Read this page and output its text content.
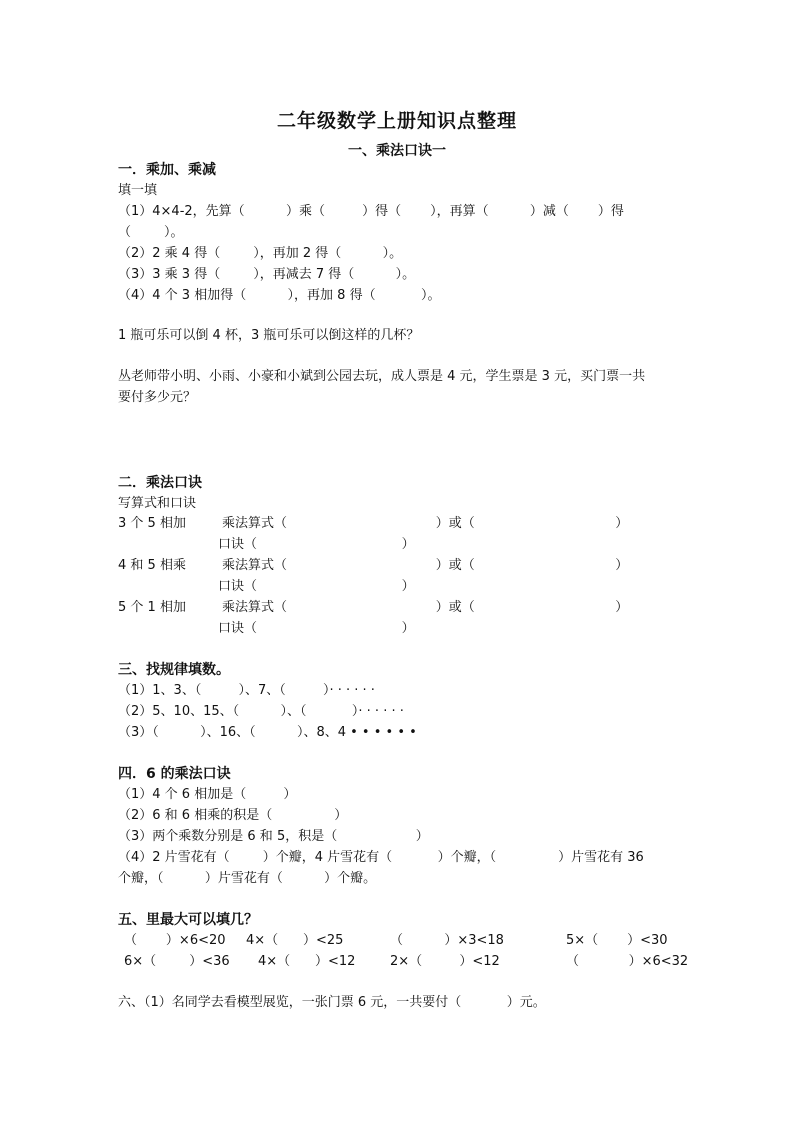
二年级数学上册知识点整理
一、乘法口诀一
一．乘加、乘减
填一填
（1）4×4-2，先算（          ）乘（         ）得（       ），再算（          ）减（       ）得
（        ）。
（2）2 乘 4 得（        ），再加 2 得（          ）。
（3）3 乘 3 得（        ），再减去 7 得（          ）。
（4）4 个 3 相加得（          ），再加 8 得（           ）。
1 瓶可乐可以倒 4 杯，3 瓶可乐可以倒这样的几杯？
丛老师带小明、小雨、小豪和小斌到公园去玩，成人票是 4 元，学生票是 3 元，买门票一共
要付多少元？
二．乘法口诀
写算式和口诀
3 个 5 相加	乘法算式（                                    ）或（                                  ）
口诀（                                   ）
4 和 5 相乘	乘法算式（                                    ）或（                                  ）
口诀（                                   ）
5 个 1 相加	乘法算式（                                    ）或（                                  ）
口诀（                                   ）
三、找规律填数。
（1）1、3、（         ）、7、（         ）· · · · · ·
（2）5、10、15、（          ）、（           ）· · · · · ·
（3）（          ）、16、（          ）、8、4 • • • • • •
四．6 的乘法口诀
（1）4 个 6 相加是（         ）
（2）6 和 6 相乘的积是（               ）
（3）两个乘数分别是 6 和 5，积是（                   ）
（4）2 片雪花有（        ）个瓣，4 片雪花有（           ）个瓣，（               ）片雪花有 36
个瓣，（          ）片雪花有（          ）个瓣。
五、里最大可以填几？
（       ）×6<20 4×（      ）<25	（          ）×3<18	5×（       ）<30
6×（        ）<36 4×（      ）<12	2×（         ）<12	（            ）×6<32
六、（1）名同学去看模型展览，一张门票 6 元，一共要付（           ）元。
